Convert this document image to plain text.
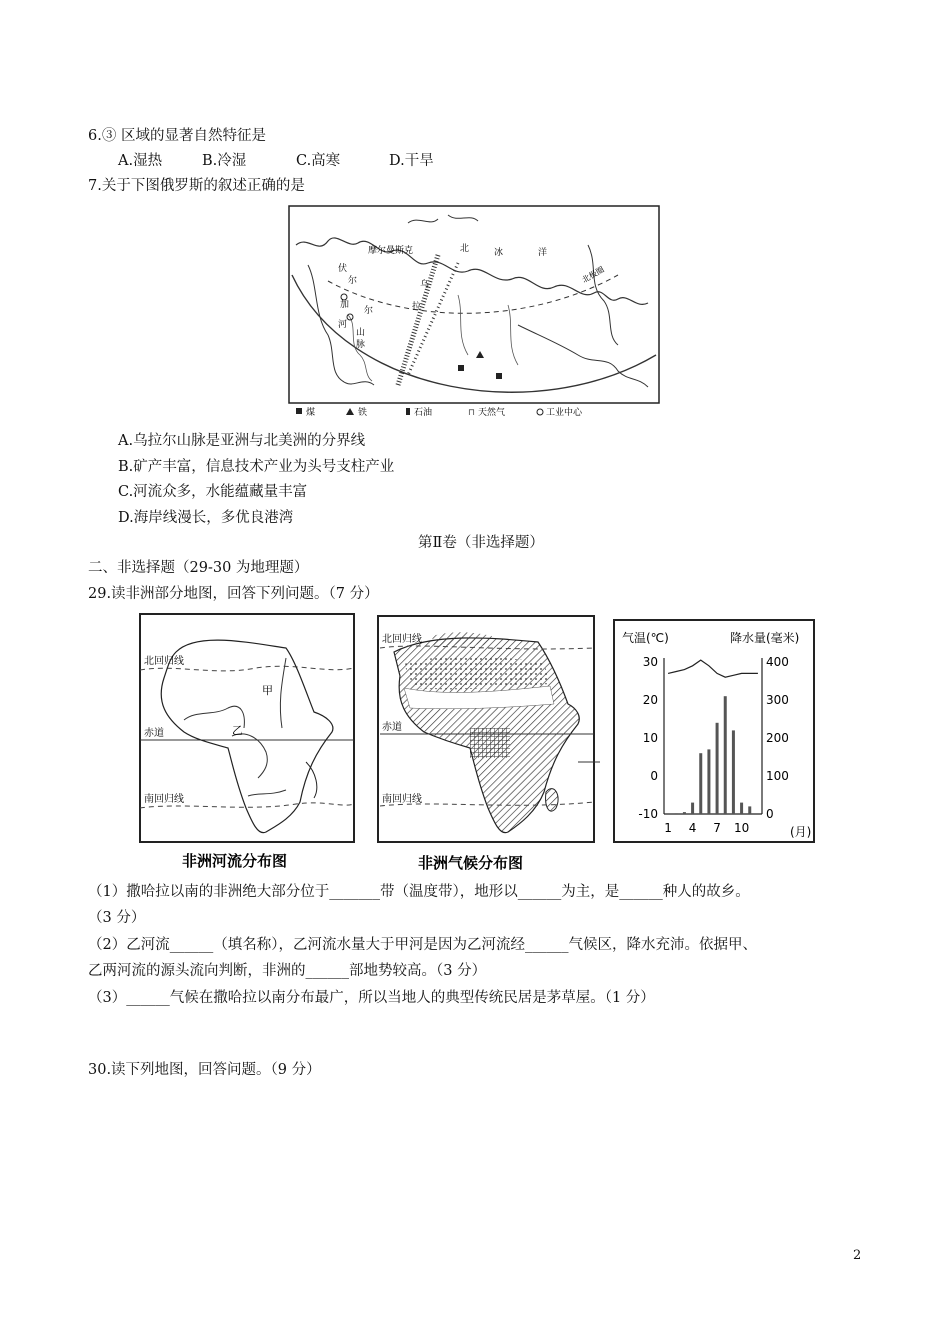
6.③ 区域的显著自然特征是
A.湿热	B.冷湿	C.高寒	D.干旱
7.关于下图俄罗斯的叙述正确的是
摩尔曼斯克	北	冰	洋
北极圈
伏
尔
加
河
乌
拉
尔
山
脉
煤	铁	石油	⊓ 天然气	工业中心
A.乌拉尔山脉是亚洲与北美洲的分界线
B.矿产丰富，信息技术产业为头号支柱产业
C.河流众多，水能蕴藏量丰富
D.海岸线漫长，多优良港湾
第Ⅱ卷（非选择题）
二、非选择题（29-30 为地理题）
29.读非洲部分地图，回答下列问题。（7 分）
北回归线
赤道
南回归线
甲
乙
非洲河流分布图
北回归线
赤道
南回归线
非洲气候分布图
气温(℃)	降水量(毫米)
(月)
30
20
10
0
-10
400
300
200
100
0
1 4 7 10
（1）撒哈拉以南的非洲绝大部分位于_______带（温度带），地形以______为主，是______种人的故乡。
（3 分）
（2）乙河流______（填名称），乙河流水量大于甲河是因为乙河流经______气候区，降水充沛。依据甲、
乙两河流的源头流向判断，非洲的______部地势较高。（3 分）
（3）______气候在撒哈拉以南分布最广，所以当地人的典型传统民居是茅草屋。（1 分）
30.读下列地图，回答问题。（9 分）
2
